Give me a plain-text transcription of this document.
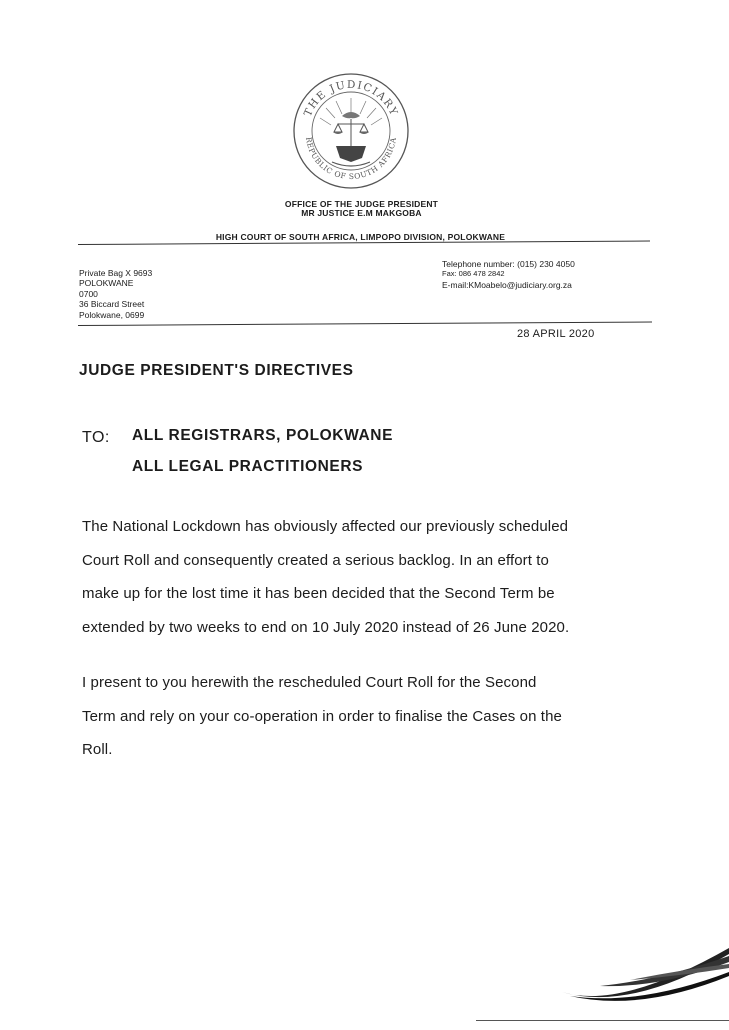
THE JUDICIARY
REPUBLIC OF SOUTH AFRICA
OFFICE OF THE JUDGE PRESIDENT
MR JUSTICE E.M MAKGOBA
HIGH COURT OF SOUTH AFRICA, LIMPOPO DIVISION, POLOKWANE
Private Bag X 9693
POLOKWANE
0700
36 Biccard Street
Polokwane, 0699
Telephone number: (015) 230 4050
Fax: 086 478 2842
E-mail:KMoabelo@judiciary.org.za
28 APRIL 2020
JUDGE PRESIDENT'S DIRECTIVES
TO: ALL REGISTRARS, POLOKWANE
ALL LEGAL PRACTITIONERS
The National Lockdown has obviously affected our previously scheduled
Court Roll and consequently created a serious backlog. In an effort to
make up for the lost time it has been decided that the Second Term be
extended by two weeks to end on 10 July 2020 instead of 26 June 2020.
I present to you herewith the rescheduled Court Roll for the Second
Term and rely on your co-operation in order to finalise the Cases on the
Roll.
